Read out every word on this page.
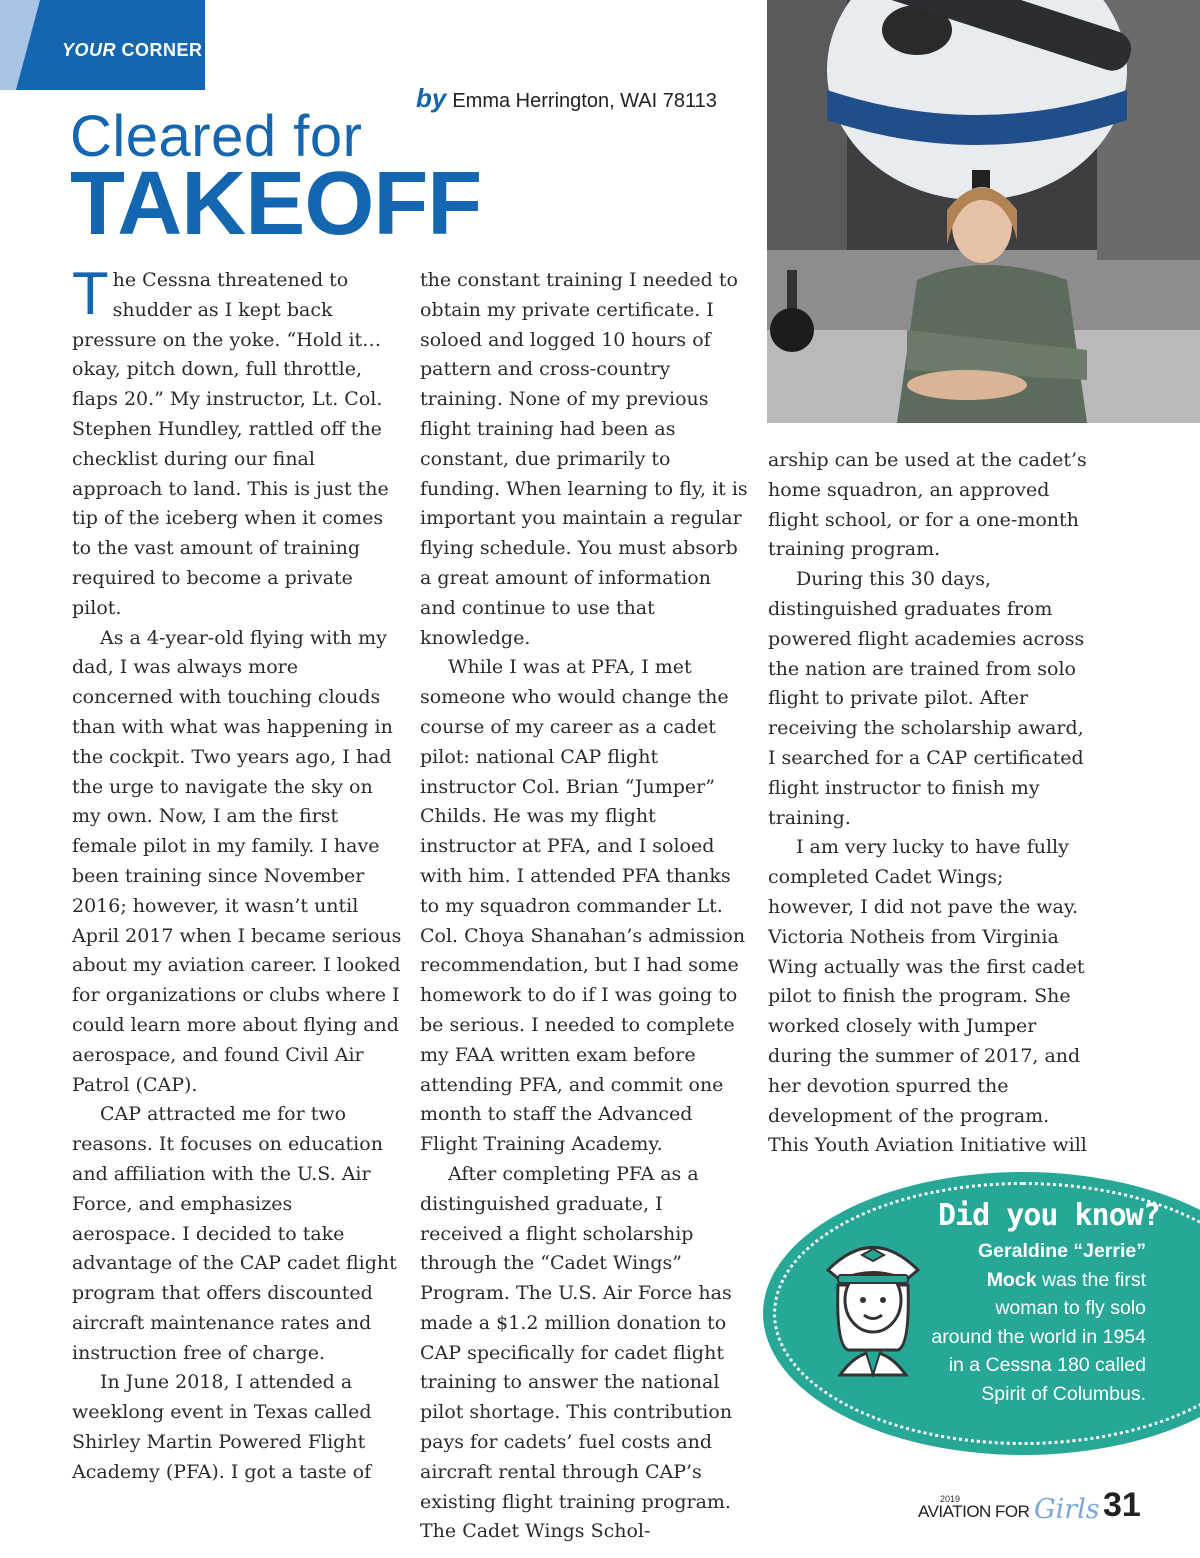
YOUR CORNER
by Emma Herrington, WAI 78113
Cleared for
TAKEOFF

The Cessna threatened to shudder as I kept back pressure on the yoke. “Hold it… okay, pitch down, full throttle, flaps 20.” My instructor, Lt. Col. Stephen Hundley, rattled off the checklist during our final approach to land. This is just the tip of the iceberg when it comes to the vast amount of training required to become a private pilot.

As a 4-year-old flying with my dad, I was always more concerned with touching clouds than with what was happening in the cockpit. Two years ago, I had the urge to navigate the sky on my own. Now, I am the first female pilot in my family. I have been training since November 2016; however, it wasn’t until April 2017 when I became serious about my aviation career. I looked for organizations or clubs where I could learn more about flying and aerospace, and found Civil Air Patrol (CAP).

CAP attracted me for two reasons. It focuses on education and affiliation with the U.S. Air Force, and emphasizes aerospace. I decided to take advantage of the CAP cadet flight program that offers discounted aircraft maintenance rates and instruction free of charge.

In June 2018, I attended a weeklong event in Texas called Shirley Martin Powered Flight Academy (PFA). I got a taste of

the constant training I needed to obtain my private certificate. I soloed and logged 10 hours of pattern and cross-country training. None of my previous flight training had been as constant, due primarily to funding. When learning to fly, it is important you maintain a regular flying schedule. You must absorb a great amount of information and continue to use that knowledge.

While I was at PFA, I met someone who would change the course of my career as a cadet pilot: national CAP flight instructor Col. Brian “Jumper” Childs. He was my flight instructor at PFA, and I soloed with him. I attended PFA thanks to my squadron commander Lt. Col. Choya Shanahan’s admission recommendation, but I had some homework to do if I was going to be serious. I needed to complete my FAA written exam before attending PFA, and commit one month to staff the Advanced Flight Training Academy.

After completing PFA as a distinguished graduate, I received a flight scholarship through the “Cadet Wings” Program. The U.S. Air Force has made a $1.2 million donation to CAP specifically for cadet flight training to answer the national pilot shortage. This contribution pays for cadets’ fuel costs and aircraft rental through CAP’s existing flight training program. The Cadet Wings Schol-

arship can be used at the cadet’s home squadron, an approved flight school, or for a one-month training program.

During this 30 days, distinguished graduates from powered flight academies across the nation are trained from solo flight to private pilot. After receiving the scholarship award, I searched for a CAP certificated flight instructor to finish my training.

I am very lucky to have fully completed Cadet Wings; however, I did not pave the way. Victoria Notheis from Virginia Wing actually was the first cadet pilot to finish the program. She worked closely with Jumper during the summer of 2017, and her devotion spurred the development of the program. This Youth Aviation Initiative will

Did you know?
Geraldine “Jerrie” Mock was the first woman to fly solo around the world in 1954 in a Cessna 180 called Spirit of Columbus.
2019
AVIATION FOR Girls 31
